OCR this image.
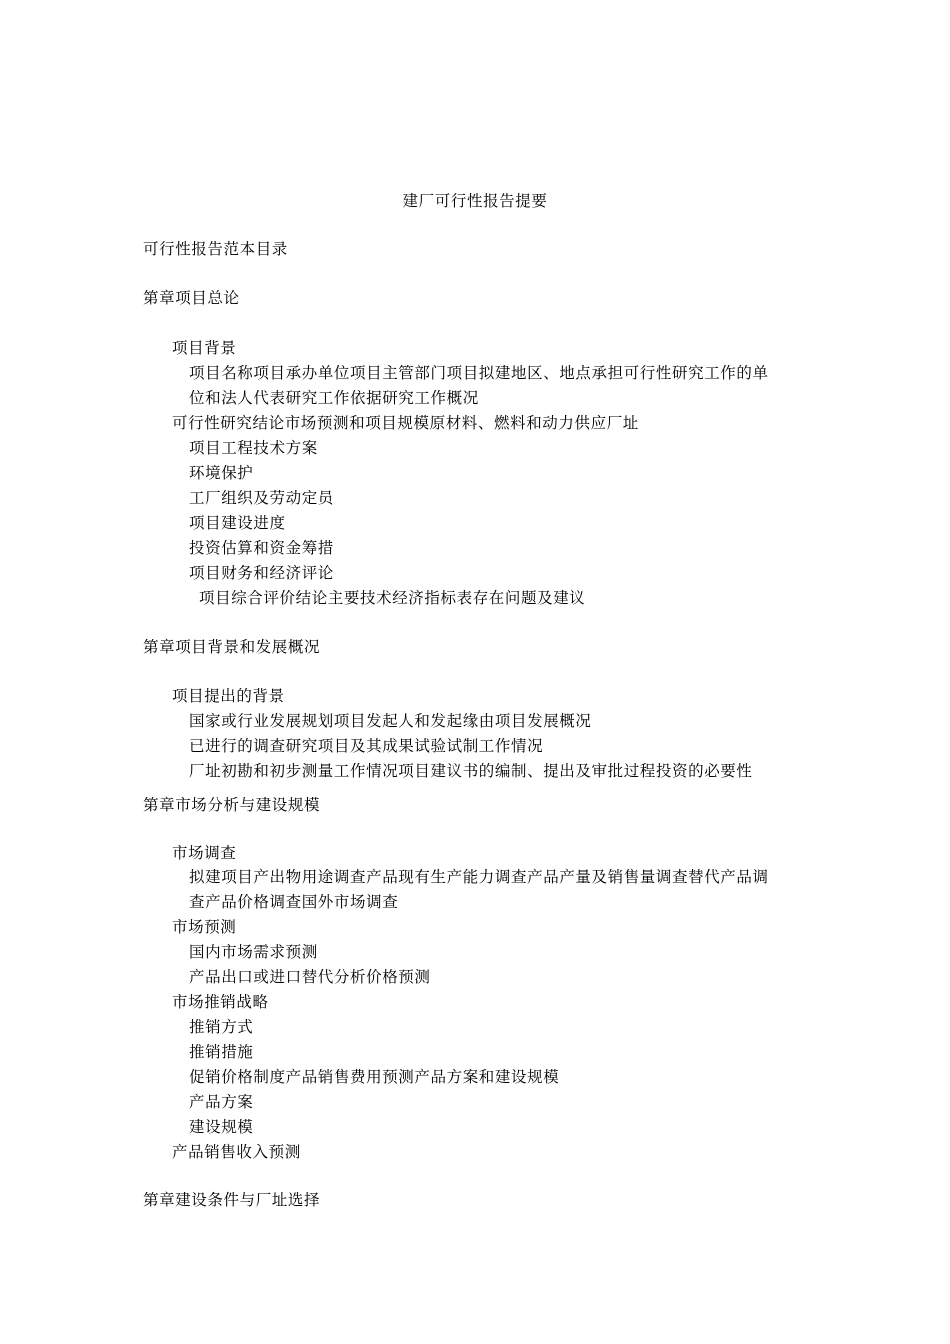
建厂可行性报告提要
可行性报告范本目录
第章项目总论
项目背景
项目名称项目承办单位项目主管部门项目拟建地区、地点承担可行性研究工作的单
位和法人代表研究工作依据研究工作概况
可行性研究结论市场预测和项目规模原材料、燃料和动力供应厂址
项目工程技术方案
环境保护
工厂组织及劳动定员
项目建设进度
投资估算和资金筹措
项目财务和经济评论
项目综合评价结论主要技术经济指标表存在问题及建议
第章项目背景和发展概况
项目提出的背景
国家或行业发展规划项目发起人和发起缘由项目发展概况
已进行的调查研究项目及其成果试验试制工作情况
厂址初勘和初步测量工作情况项目建议书的编制、提出及审批过程投资的必要性
第章市场分析与建设规模
市场调查
拟建项目产出物用途调查产品现有生产能力调查产品产量及销售量调查替代产品调
查产品价格调查国外市场调查
市场预测
国内市场需求预测
产品出口或进口替代分析价格预测
市场推销战略
推销方式
推销措施
促销价格制度产品销售费用预测产品方案和建设规模
产品方案
建设规模
产品销售收入预测
第章建设条件与厂址选择
